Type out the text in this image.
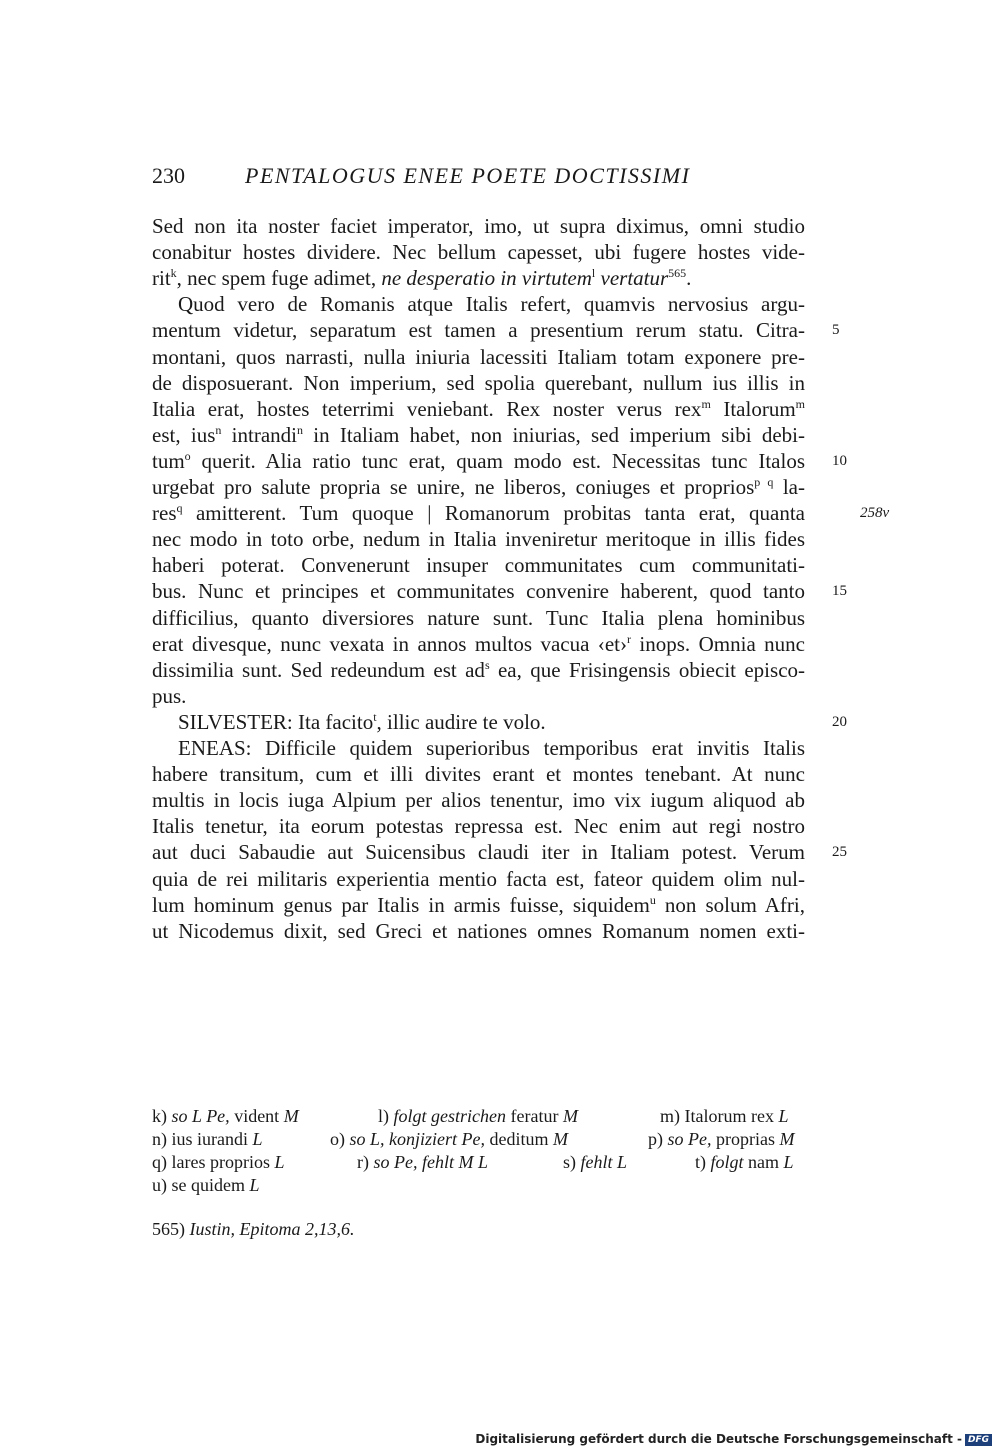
230	PENTALOGUS ENEE POETE DOCTISSIMI
Sed non ita noster faciet imperator, imo, ut supra diximus, omni studio
conabitur hostes dividere. Nec bellum capesset, ubi fugere hostes vide-
rit$^k$, nec spem fuge adimet, ne desperatio in virtutem$^l$ vertatur$^{565}$.
Quod vero de Romanis atque Italis refert, quamvis nervosius argu-
mentum videtur, separatum est tamen a presentium rerum statu. Citra- 5
montani, quos narrasti, nulla iniuria lacessiti Italiam totam exponere pre-
de disposuerant. Non imperium, sed spolia querebant, nullum ius illis in
Italia erat, hostes teterrimi veniebant. Rex noster verus rex$^m$ Italorum$^m$
est, ius$^n$ intrandi$^n$ in Italiam habet, non iniurias, sed imperium sibi debi-
tum$^o$ querit. Alia ratio tunc erat, quam modo est. Necessitas tunc Italos 10
urgebat pro salute propria se unire, ne liberos, coniuges et proprios$^{p q}$ la-
res$^q$ amitterent. Tum quoque | Romanorum probitas tanta erat, quanta	258v
nec modo in toto orbe, nedum in Italia inveniretur meritoque in illis fides
haberi poterat. Convenerunt insuper communitates cum communitati-
bus. Nunc et principes et communitates convenire haberent, quod tanto 15
difficilius, quanto diversiores nature sunt. Tunc Italia plena hominibus
erat divesque, nunc vexata in annos multos vacua ‹et›$^r$ inops. Omnia nunc
dissimilia sunt. Sed redeundum est $ad^s$ ea, que Frisingensis obiecit episco-
pus.
SILVESTER: Ita facito$^t$, illic audire te volo.	20
ENEAS: Difficile quidem superioribus temporibus erat invitis Italis
habere transitum, cum et illi divites erant et montes tenebant. At nunc
multis in locis iuga Alpium per alios tenentur, imo vix iugum aliquod ab
Italis tenetur, ita eorum potestas repressa est. Nec enim aut regi nostro
aut duci Sabaudie aut Suicensibus claudi iter in Italiam potest. Verum 25
quia de rei militaris experientia mentio facta est, fateor quidem olim nul-
lum hominum genus par Italis in armis fuisse, siquidem$^u$ non solum Afri,
ut Nicodemus dixit, sed Greci et nationes omnes Romanum nomen exti-
k) so L Pe, vident M	l) folgt gestrichen feratur M	m) Italorum rex L
n) ius iurandi L	o) so L, konjiziert Pe, deditum M	p) so Pe, proprias M
q) lares proprios L	r) so Pe, fehlt M L	s) fehlt L	t) folgt nam L
u) se quidem L
565) Iustin, Epitoma 2,13,6.
Digitalisierung gefördert durch die Deutsche Forschungsgemeinschaft - DFG
